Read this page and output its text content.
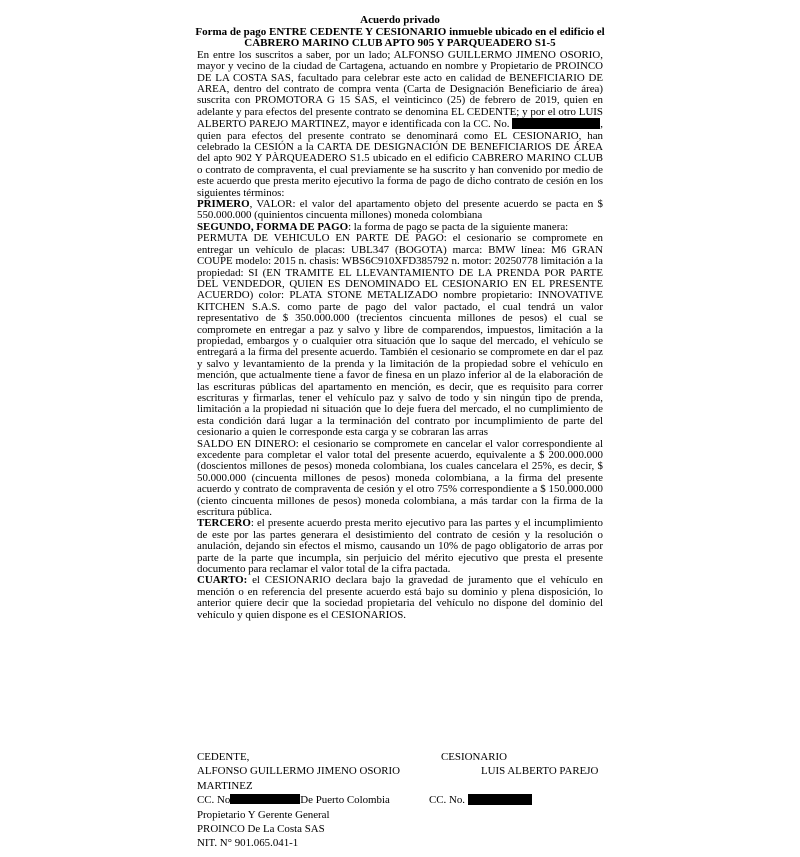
Acuerdo privado
Forma de pago ENTRE CEDENTE Y CESIONARIO inmueble ubicado en el edificio el CABRERO MARINO CLUB APTO 905 Y PARQUEADERO S1-5

En entre los suscritos a saber, por un lado; ALFONSO GUILLERMO JIMENO OSORIO, mayor y vecino de la ciudad de Cartagena, actuando en nombre y Propietario de PROINCO DE LA COSTA SAS, facultado para celebrar este acto en calidad de BENEFICIARIO DE AREA, dentro del contrato de compra venta (Carta de Designación Beneficiario de área) suscrita con PROMOTORA G 15 SAS, el veinticinco (25) de febrero de 2019, quien en adelante y para efectos del presente contrato se denomina EL CEDENTE; y por el otro LUIS ALBERTO PAREJO MARTINEZ, mayor e identificada con la CC. No.	, quien para efectos del presente contrato se denominará como EL CESIONARIO, han celebrado la CESIÓN a la CARTA DE DESIGNACIÓN DE BENEFICIARIOS DE ÁREA del apto 902 Y PÀRQUEADERO S1.5 ubicado en el edificio CABRERO MARINO CLUB o contrato de compraventa, el cual previamente se ha suscrito y han convenido por medio de este acuerdo que presta merito ejecutivo la forma de pago de dicho contrato de cesión en los siguientes términos:

PRIMERO, VALOR: el valor del apartamento objeto del presente acuerdo se pacta en $ 550.000.000 (quinientos cincuenta millones) moneda colombiana

SEGUNDO, FORMA DE PAGO: la forma de pago se pacta de la siguiente manera:

PERMUTA DE VEHICULO EN PARTE DE PAGO: el cesionario se compromete en entregar un vehículo de placas: UBL347 (BOGOTA) marca: BMW línea: M6 GRAN COUPE modelo: 2015 n. chasis: WBS6C910XFD385792 n. motor: 20250778 limitación a la propiedad: SI (EN TRAMITE EL LLEVANTAMIENTO DE LA PRENDA POR PARTE DEL VENDEDOR, QUIEN ES DENOMINADO EL CESIONARIO EN EL PRESENTE ACUERDO) color: PLATA STONE METALIZADO nombre propietario: INNOVATIVE KITCHEN S.A.S. como parte de pago del valor pactado, el cual tendrá un valor representativo de $ 350.000.000 (trecientos cincuenta millones de pesos) el cual se compromete en entregar a paz y salvo y libre de comparendos, impuestos, limitación a la propiedad, embargos y o cualquier otra situación que lo saque del mercado, el vehículo se entregará a la firma del presente acuerdo. También el cesionario se compromete en dar el paz y salvo y levantamiento de la prenda y la limitación de la propiedad sobre el vehículo en mención, que actualmente tiene a favor de finesa en un plazo inferior al de la elaboración de las escrituras públicas del apartamento en mención, es decir, que es requisito para correr escrituras y firmarlas, tener el vehículo paz y salvo de todo y sin ningún tipo de prenda, limitación a la propiedad ni situación que lo deje fuera del mercado, el no cumplimiento de esta condición dará lugar a la terminación del contrato por incumplimiento de parte del cesionario a quien le corresponde esta carga y se cobraran las arras

SALDO EN DINERO: el cesionario se compromete en cancelar el valor correspondiente al excedente para completar el valor total del presente acuerdo, equivalente a $ 200.000.000 (doscientos millones de pesos) moneda colombiana, los cuales cancelara el 25%, es decir, $ 50.000.000 (cincuenta millones de pesos) moneda colombiana, a la firma del presente acuerdo y contrato de compraventa de cesión y el otro 75% correspondiente a $ 150.000.000 (ciento cincuenta millones de pesos) moneda colombiana, a más tardar con la firma de la escritura pública.

TERCERO: el presente acuerdo presta merito ejecutivo para las partes y el incumplimiento de este por las partes generara el desistimiento del contrato de cesión y la resolución o anulación, dejando sin efectos el mismo, causando un 10% de pago obligatorio de arras por parte de la parte que incumpla, sin perjuicio del mérito ejecutivo que presta el presente documento para reclamar el valor total de la cifra pactada.

CUARTO: el CESIONARIO declara bajo la gravedad de juramento que el vehículo en mención o en referencia del presente acuerdo está bajo su dominio y plena disposición, lo anterior quiere decir que la sociedad propietaria del vehículo no dispone del dominio del vehículo y quien dispone es el CESIONARIOS.

CEDENTE,
ALFONSO GUILLERMO JIMENO OSORIO
MARTINEZ
CC. No	De Puerto Colombia
Propietario Y Gerente General
PROINCO De La Costa SAS
NIT. N° 901.065.041-1
CESIONARIO
LUIS ALBERTO PAREJO
CC. No.
